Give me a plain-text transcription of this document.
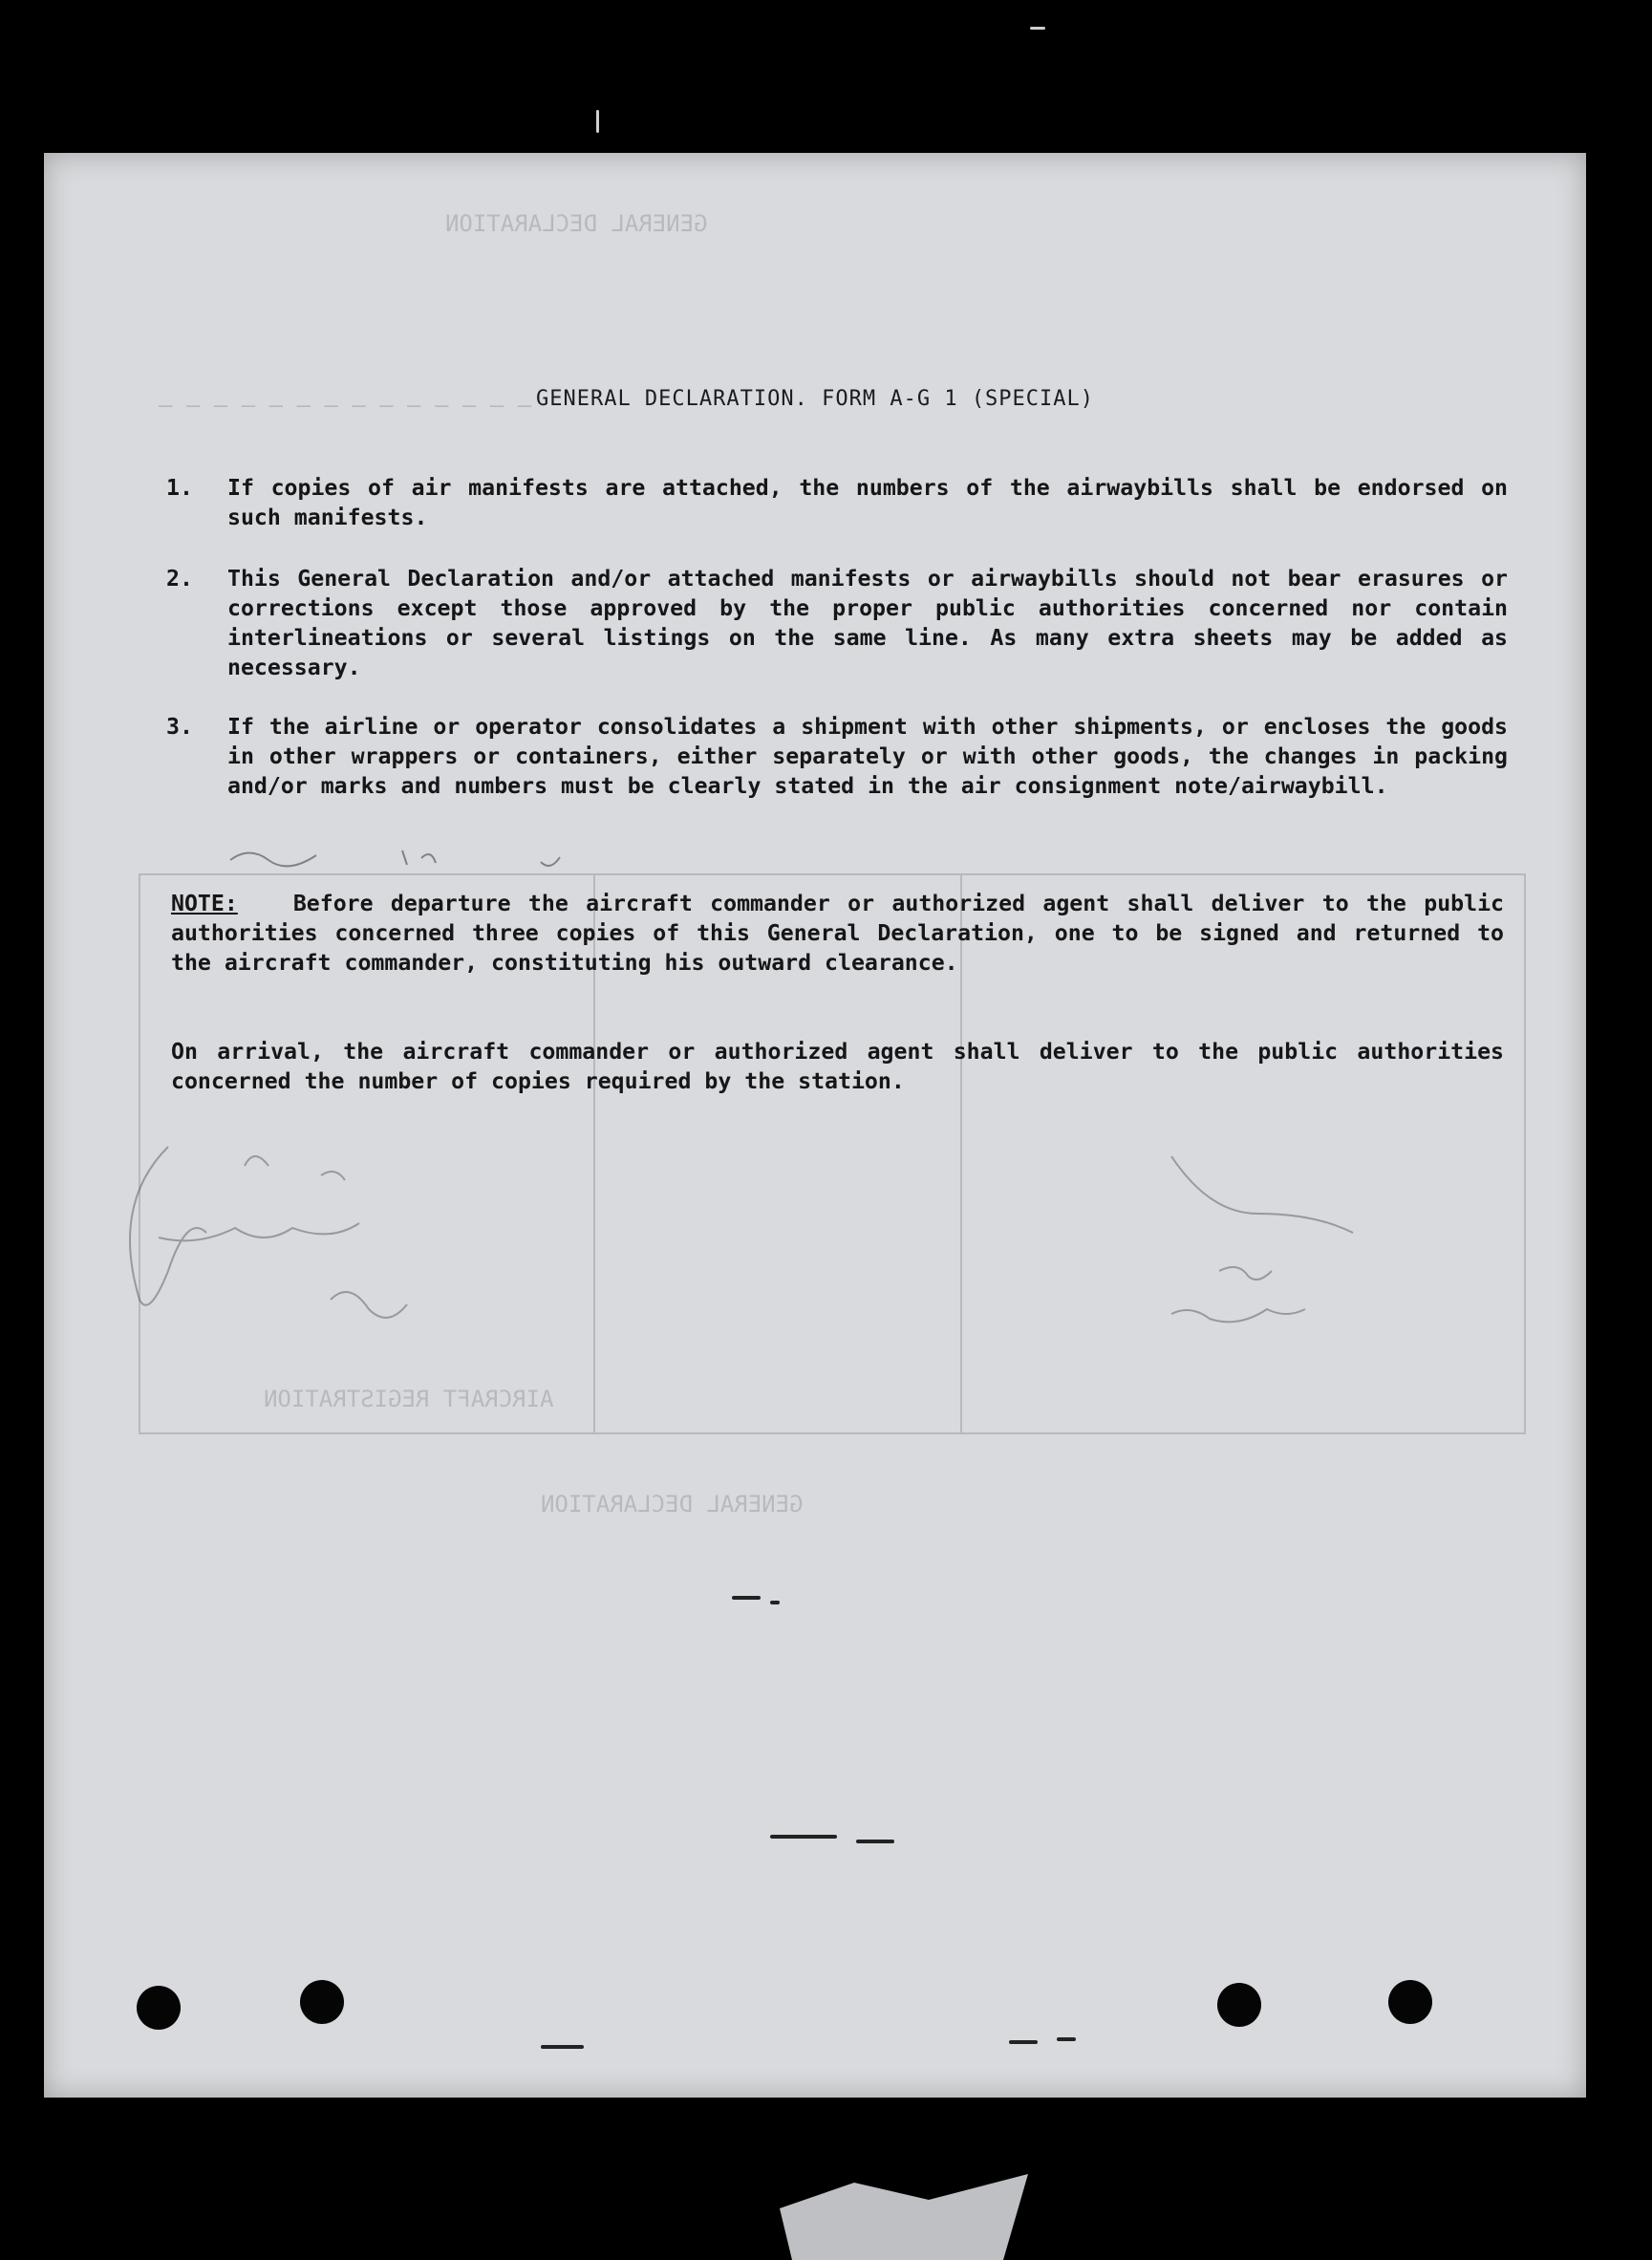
GENERAL DECLARATION
— — — — — — — — — — — — — —
AIRCRAFT REGISTRATION
GENERAL DECLARATION
GENERAL DECLARATION. FORM A-G 1 (SPECIAL)
1. If copies of air manifests are attached, the numbers of the airwaybills shall be endorsed on such manifests.
2. This General Declaration and/or attached manifests or airwaybills should not bear erasures or corrections except those approved by the proper public authorities concerned nor contain interlineations or several listings on the same line. As many extra sheets may be added as necessary.
3. If the airline or operator consolidates a shipment with other shipments, or encloses the goods in other wrappers or containers, either separately or with other goods, the changes in packing and/or marks and numbers must be clearly stated in the air consignment note/airwaybill.
NOTE:	Before departure the aircraft commander or authorized agent shall deliver to the public authorities concerned three copies of this General Declaration, one to be signed and returned to the aircraft commander, constituting his outward clearance.
On arrival, the aircraft commander or authorized agent shall deliver to the public authorities concerned the number of copies required by the station.
